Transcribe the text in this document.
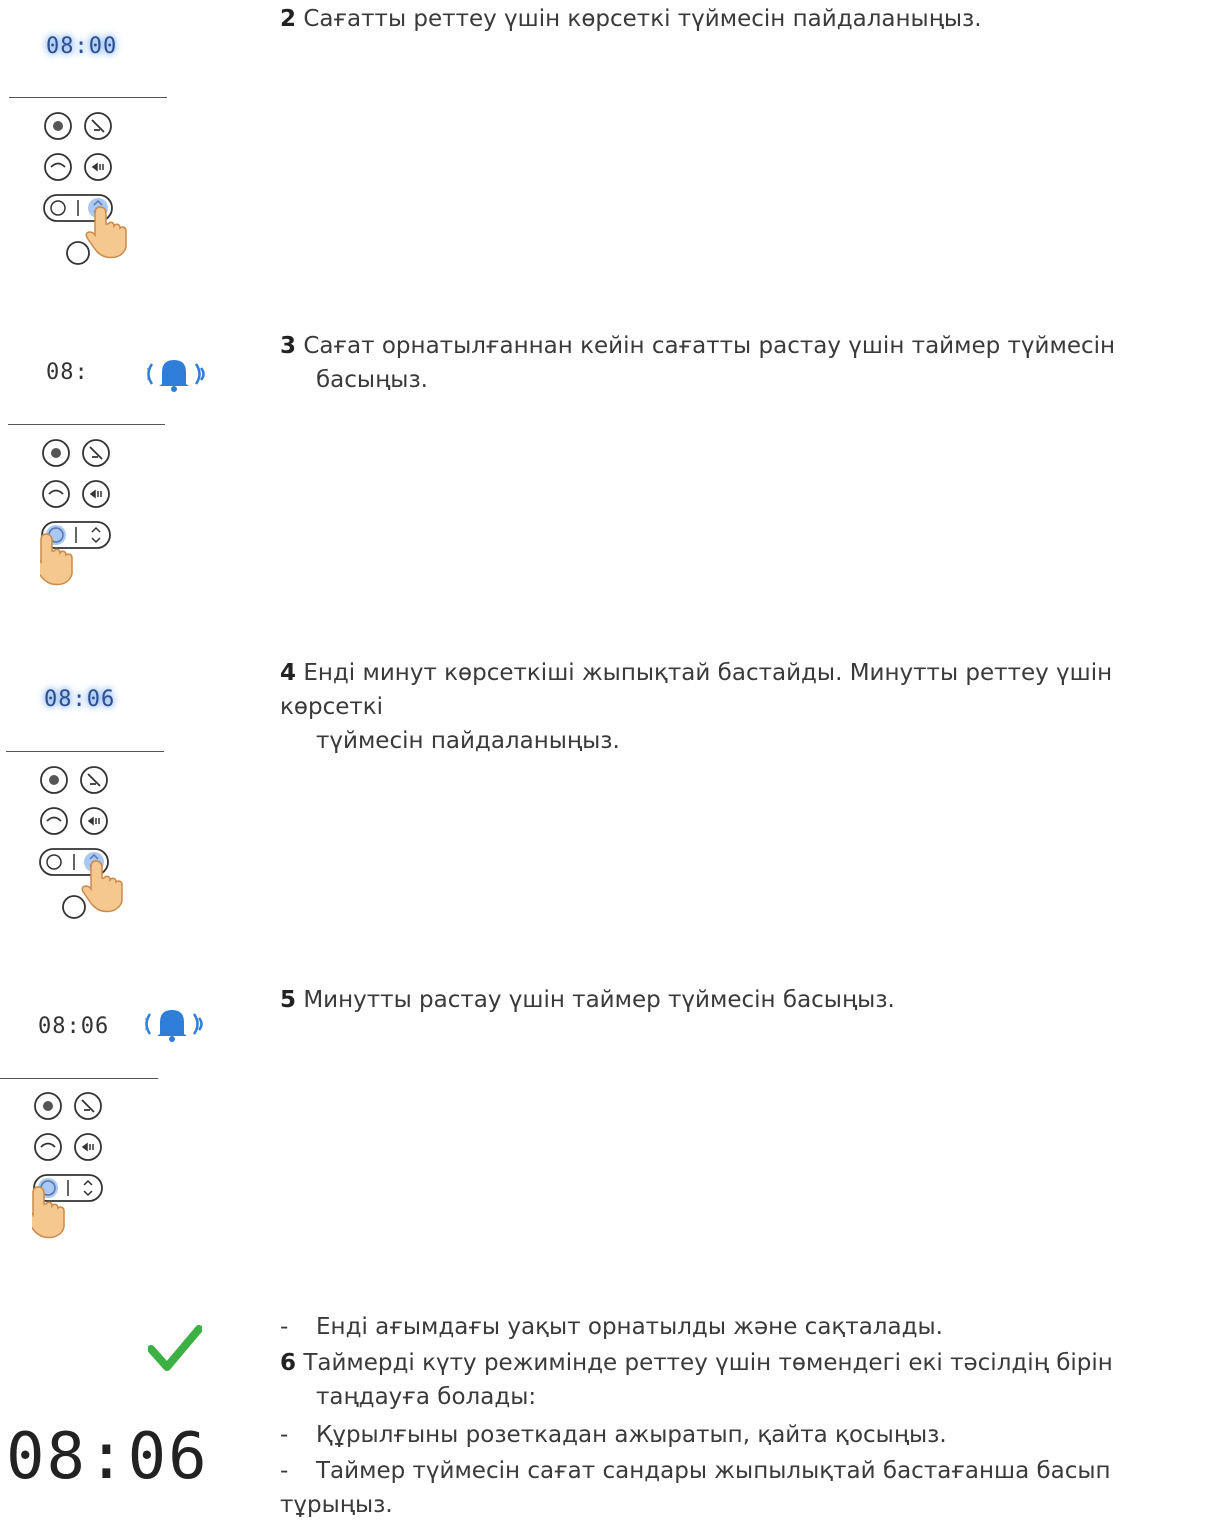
08:00
2 Сағатты реттеу үшін көрсеткі түймесін пайдаланыңыз.
08:
3 Сағат орнатылғаннан кейін сағатты растау үшін таймер түймесін
басыңыз.
08:06
4 Енді минут көрсеткіші жыпықтай бастайды. Минутты реттеу үшін көрсеткі
түймесін пайдаланыңыз.
08:06
5 Минутты растау үшін таймер түймесін басыңыз.
08:06
- Енді ағымдағы уақыт орнатылды және сақталады.
6 Таймерді күту режимінде реттеу үшін төмендегі екі тәсілдің бірін
таңдауға болады:
- Құрылғыны розеткадан ажыратып, қайта қосыңыз.
- Таймер түймесін сағат сандары жыпылықтай бастағанша басып тұрыңыз.
